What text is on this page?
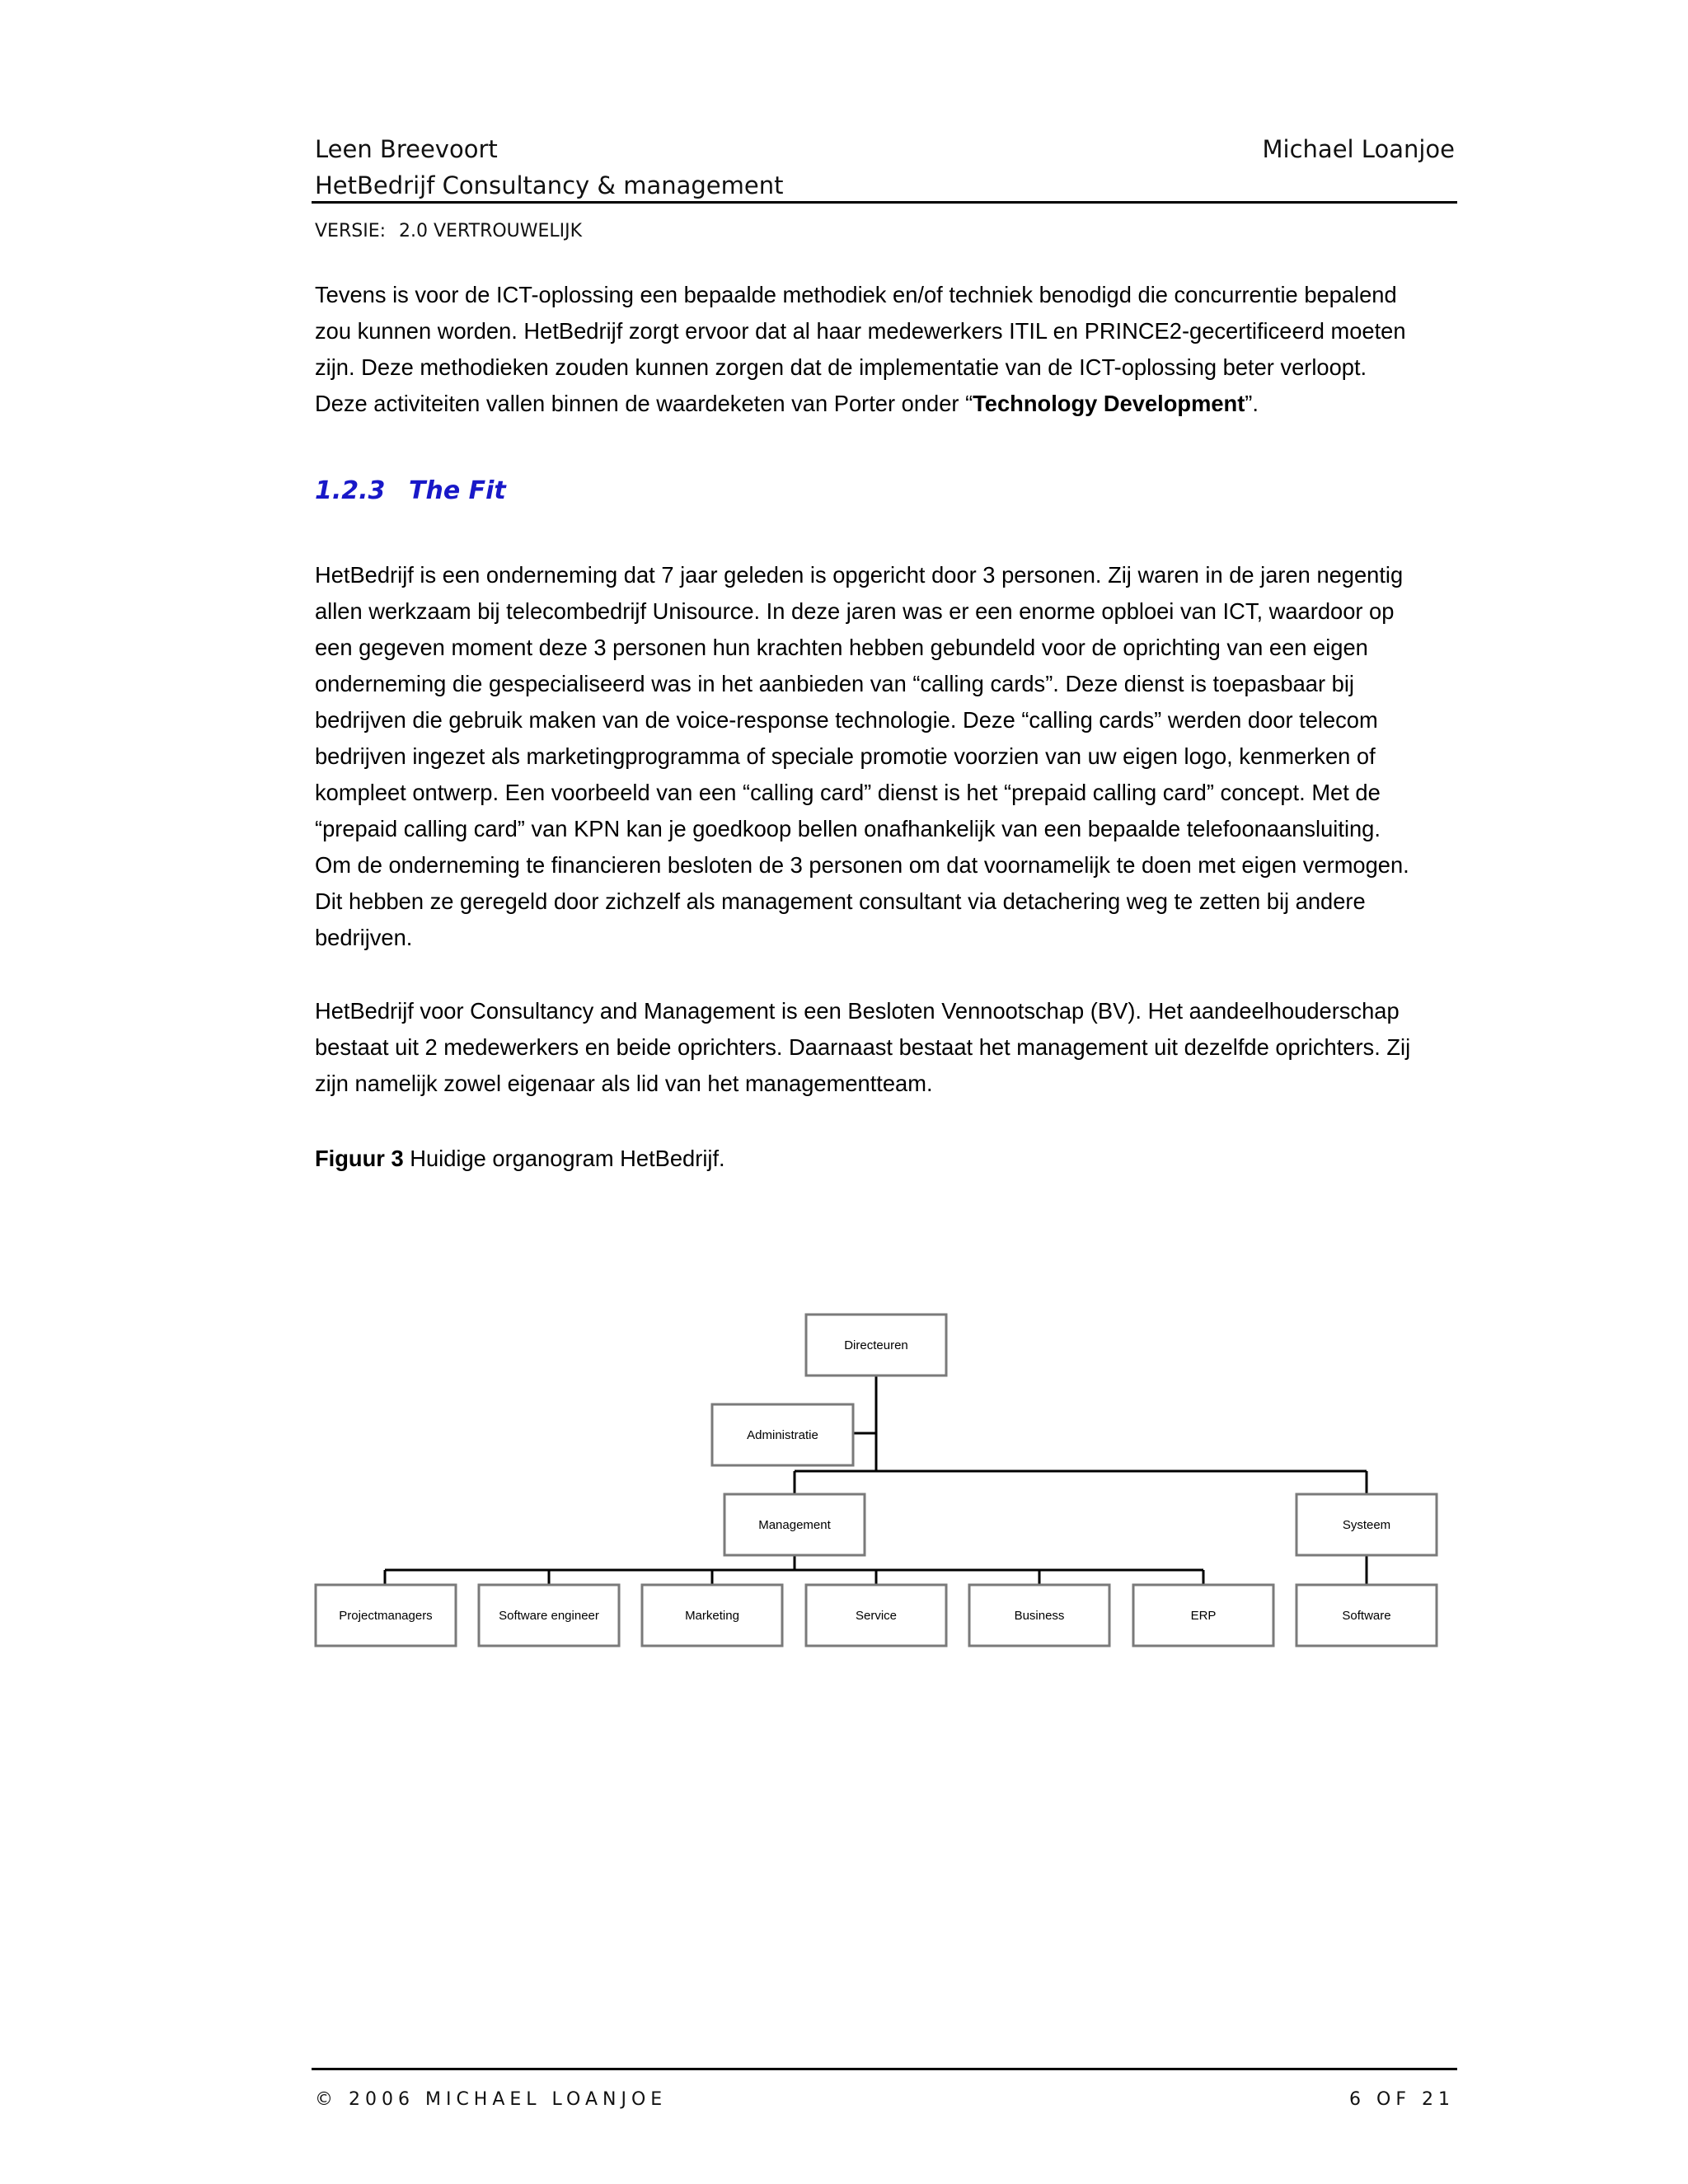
Leen Breevoort	Michael Loanjoe
HetBedrijf Consultancy & management
VERSIE: 2.0 VERTROUWELIJK
Tevens is voor de ICT-oplossing een bepaalde methodiek en/of techniek benodigd die concurrentie bepalend
zou kunnen worden. HetBedrijf zorgt ervoor dat al haar medewerkers ITIL en PRINCE2-gecertificeerd moeten
zijn. Deze methodieken zouden kunnen zorgen dat de implementatie van de ICT-oplossing beter verloopt.
Deze activiteiten vallen binnen de waardeketen van Porter onder “Technology Development”.
1.2.3 The Fit
HetBedrijf is een onderneming dat 7 jaar geleden is opgericht door 3 personen. Zij waren in de jaren negentig
allen werkzaam bij telecombedrijf Unisource. In deze jaren was er een enorme opbloei van ICT, waardoor op
een gegeven moment deze 3 personen hun krachten hebben gebundeld voor de oprichting van een eigen
onderneming die gespecialiseerd was in het aanbieden van “calling cards”. Deze dienst is toepasbaar bij
bedrijven die gebruik maken van de voice-response technologie. Deze “calling cards” werden door telecom
bedrijven ingezet als marketingprogramma of speciale promotie voorzien van uw eigen logo, kenmerken of
kompleet ontwerp. Een voorbeeld van een “calling card” dienst is het “prepaid calling card” concept. Met de
“prepaid calling card” van KPN kan je goedkoop bellen onafhankelijk van een bepaalde telefoonaansluiting.
Om de onderneming te financieren besloten de 3 personen om dat voornamelijk te doen met eigen vermogen.
Dit hebben ze geregeld door zichzelf als management consultant via detachering weg te zetten bij andere
bedrijven.
HetBedrijf voor Consultancy and Management is een Besloten Vennootschap (BV). Het aandeelhouderschap
bestaat uit 2 medewerkers en beide oprichters. Daarnaast bestaat het management uit dezelfde oprichters. Zij
zijn namelijk zowel eigenaar als lid van het managementteam.
Figuur 3 Huidige organogram HetBedrijf.
Directeuren
Administratie
Management	Systeem
Projectmanagers	Software engineer	Marketing	Service	Business	ERP	Software
© 2006 MICHAEL LOANJOE	6 OF 21
